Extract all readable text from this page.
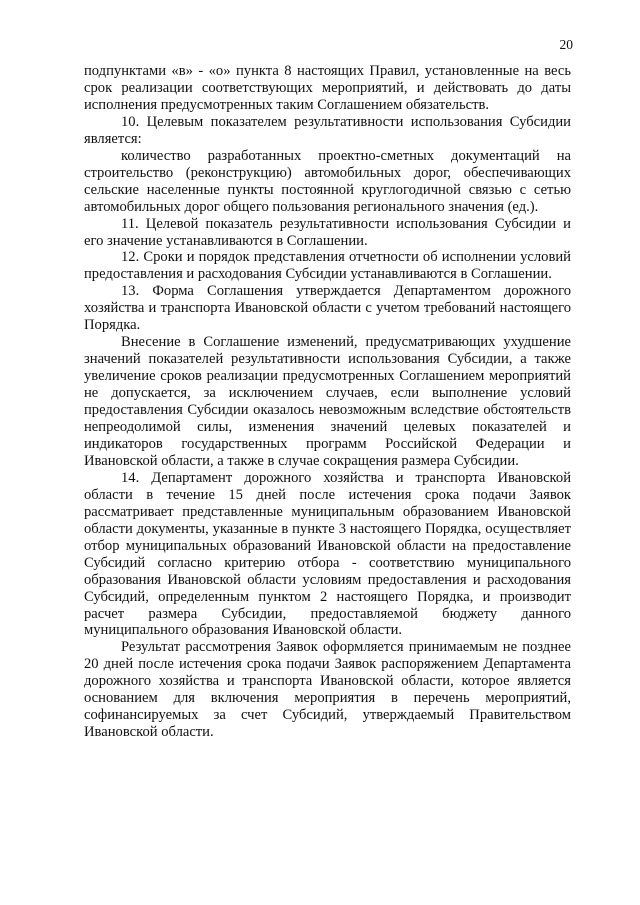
20

подпунктами «в» - «о» пункта 8 настоящих Правил, установленные на весь срок реализации соответствующих мероприятий, и действовать до даты исполнения предусмотренных таким Соглашением обязательств.

10. Целевым показателем результативности использования Субсидии является:

количество разработанных проектно-сметных документаций на строительство (реконструкцию) автомобильных дорог, обеспечивающих сельские населенные пункты постоянной круглогодичной связью с сетью автомобильных дорог общего пользования регионального значения (ед.).

11. Целевой показатель результативности использования Субсидии и его значение устанавливаются в Соглашении.

12. Сроки и порядок представления отчетности об исполнении условий предоставления и расходования Субсидии устанавливаются в Соглашении.

13. Форма Соглашения утверждается Департаментом дорожного хозяйства и транспорта Ивановской области с учетом требований настоящего Порядка.

Внесение в Соглашение изменений, предусматривающих ухудшение значений показателей результативности использования Субсидии, а также увеличение сроков реализации предусмотренных Соглашением мероприятий не допускается, за исключением случаев, если выполнение условий предоставления Субсидии оказалось невозможным вследствие обстоятельств непреодолимой силы, изменения значений целевых показателей и индикаторов государственных программ Российской Федерации и Ивановской области, а также в случае сокращения размера Субсидии.

14. Департамент дорожного хозяйства и транспорта Ивановской области в течение 15 дней после истечения срока подачи Заявок рассматривает представленные муниципальным образованием Ивановской области документы, указанные в пункте 3 настоящего Порядка, осуществляет отбор муниципальных образований Ивановской области на предоставление Субсидий согласно критерию отбора - соответствию муниципального образования Ивановской области условиям предоставления и расходования Субсидий, определенным пунктом 2 настоящего Порядка, и производит расчет размера Субсидии, предоставляемой бюджету данного муниципального образования Ивановской области.

Результат рассмотрения Заявок оформляется принимаемым не позднее 20 дней после истечения срока подачи Заявок распоряжением Департамента дорожного хозяйства и транспорта Ивановской области, которое является основанием для включения мероприятия в перечень мероприятий, софинансируемых за счет Субсидий, утверждаемый Правительством Ивановской области.
